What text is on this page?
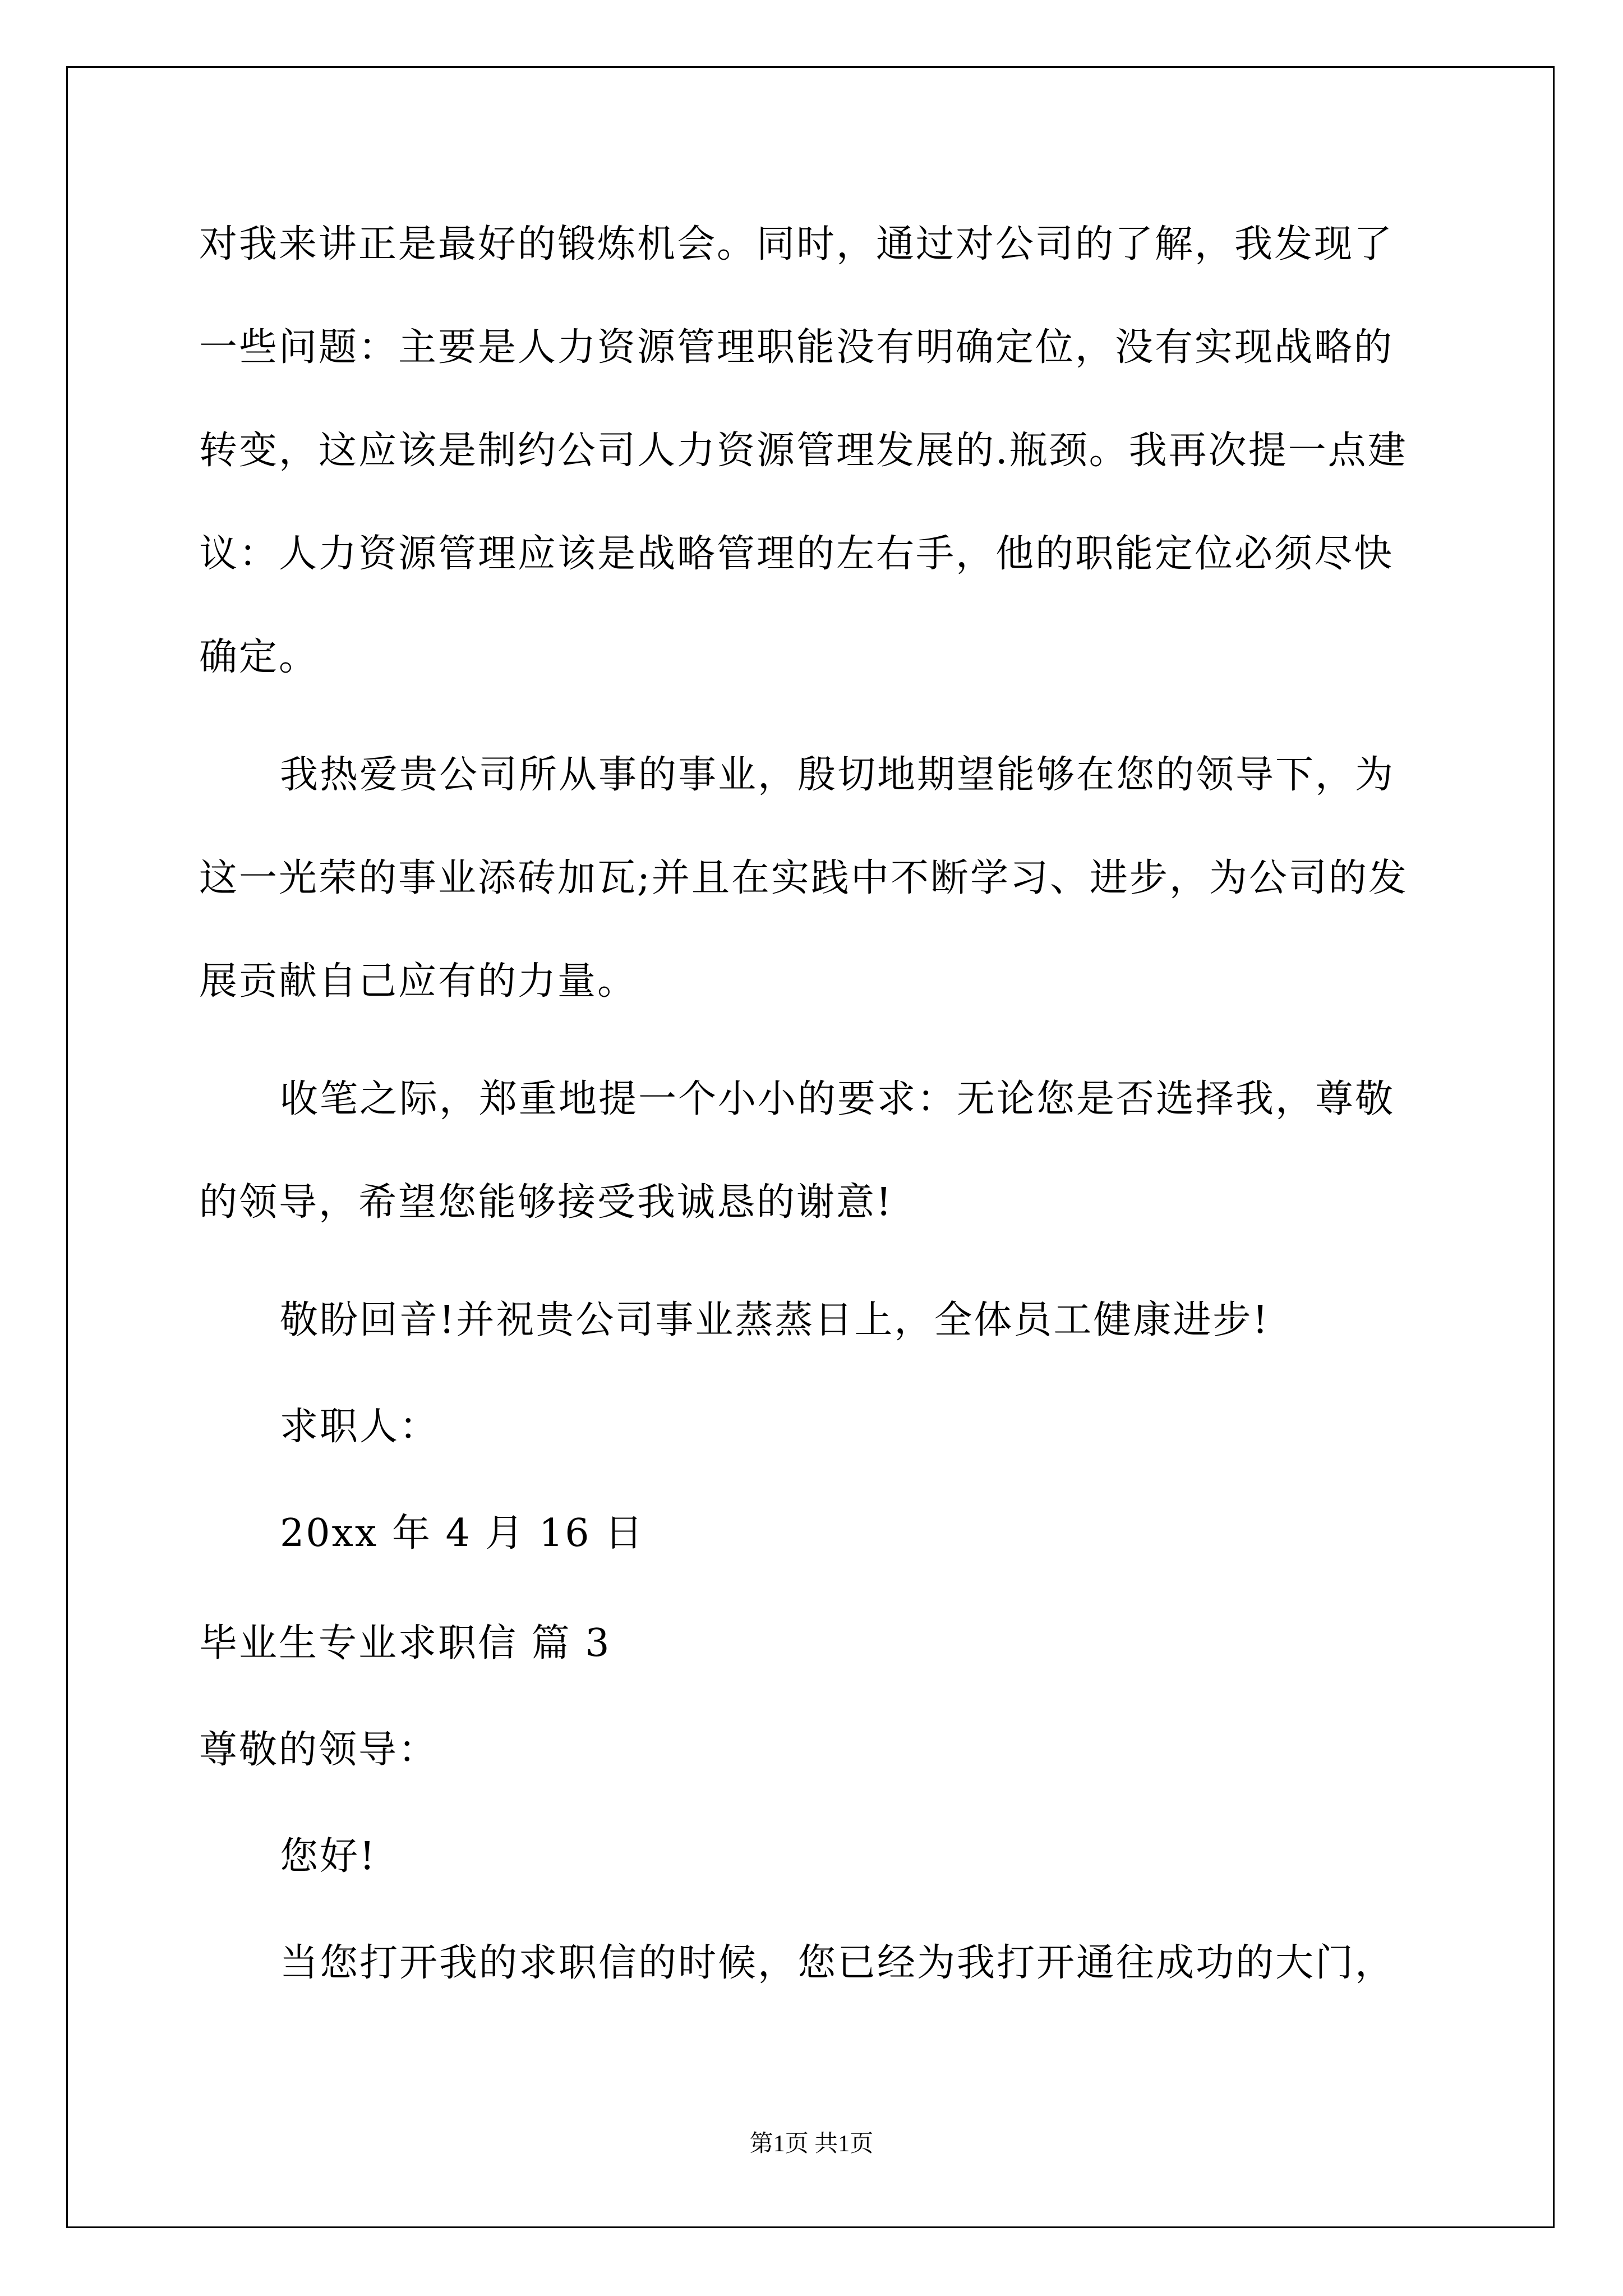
对我来讲正是最好的锻炼机会。同时，通过对公司的了解，我发现了
一些问题：主要是人力资源管理职能没有明确定位，没有实现战略的
转变，这应该是制约公司人力资源管理发展的.瓶颈。我再次提一点建
议：人力资源管理应该是战略管理的左右手，他的职能定位必须尽快
确定。
我热爱贵公司所从事的事业，殷切地期望能够在您的领导下，为
这一光荣的事业添砖加瓦;并且在实践中不断学习、进步，为公司的发
展贡献自己应有的力量。
收笔之际，郑重地提一个小小的要求：无论您是否选择我，尊敬
的领导，希望您能够接受我诚恳的谢意!
敬盼回音!并祝贵公司事业蒸蒸日上，全体员工健康进步!
求职人：
20xx 年 4 月 16 日
毕业生专业求职信 篇 3
尊敬的领导：
您好!
当您打开我的求职信的时候，您已经为我打开通往成功的大门，
第1页 共1页
